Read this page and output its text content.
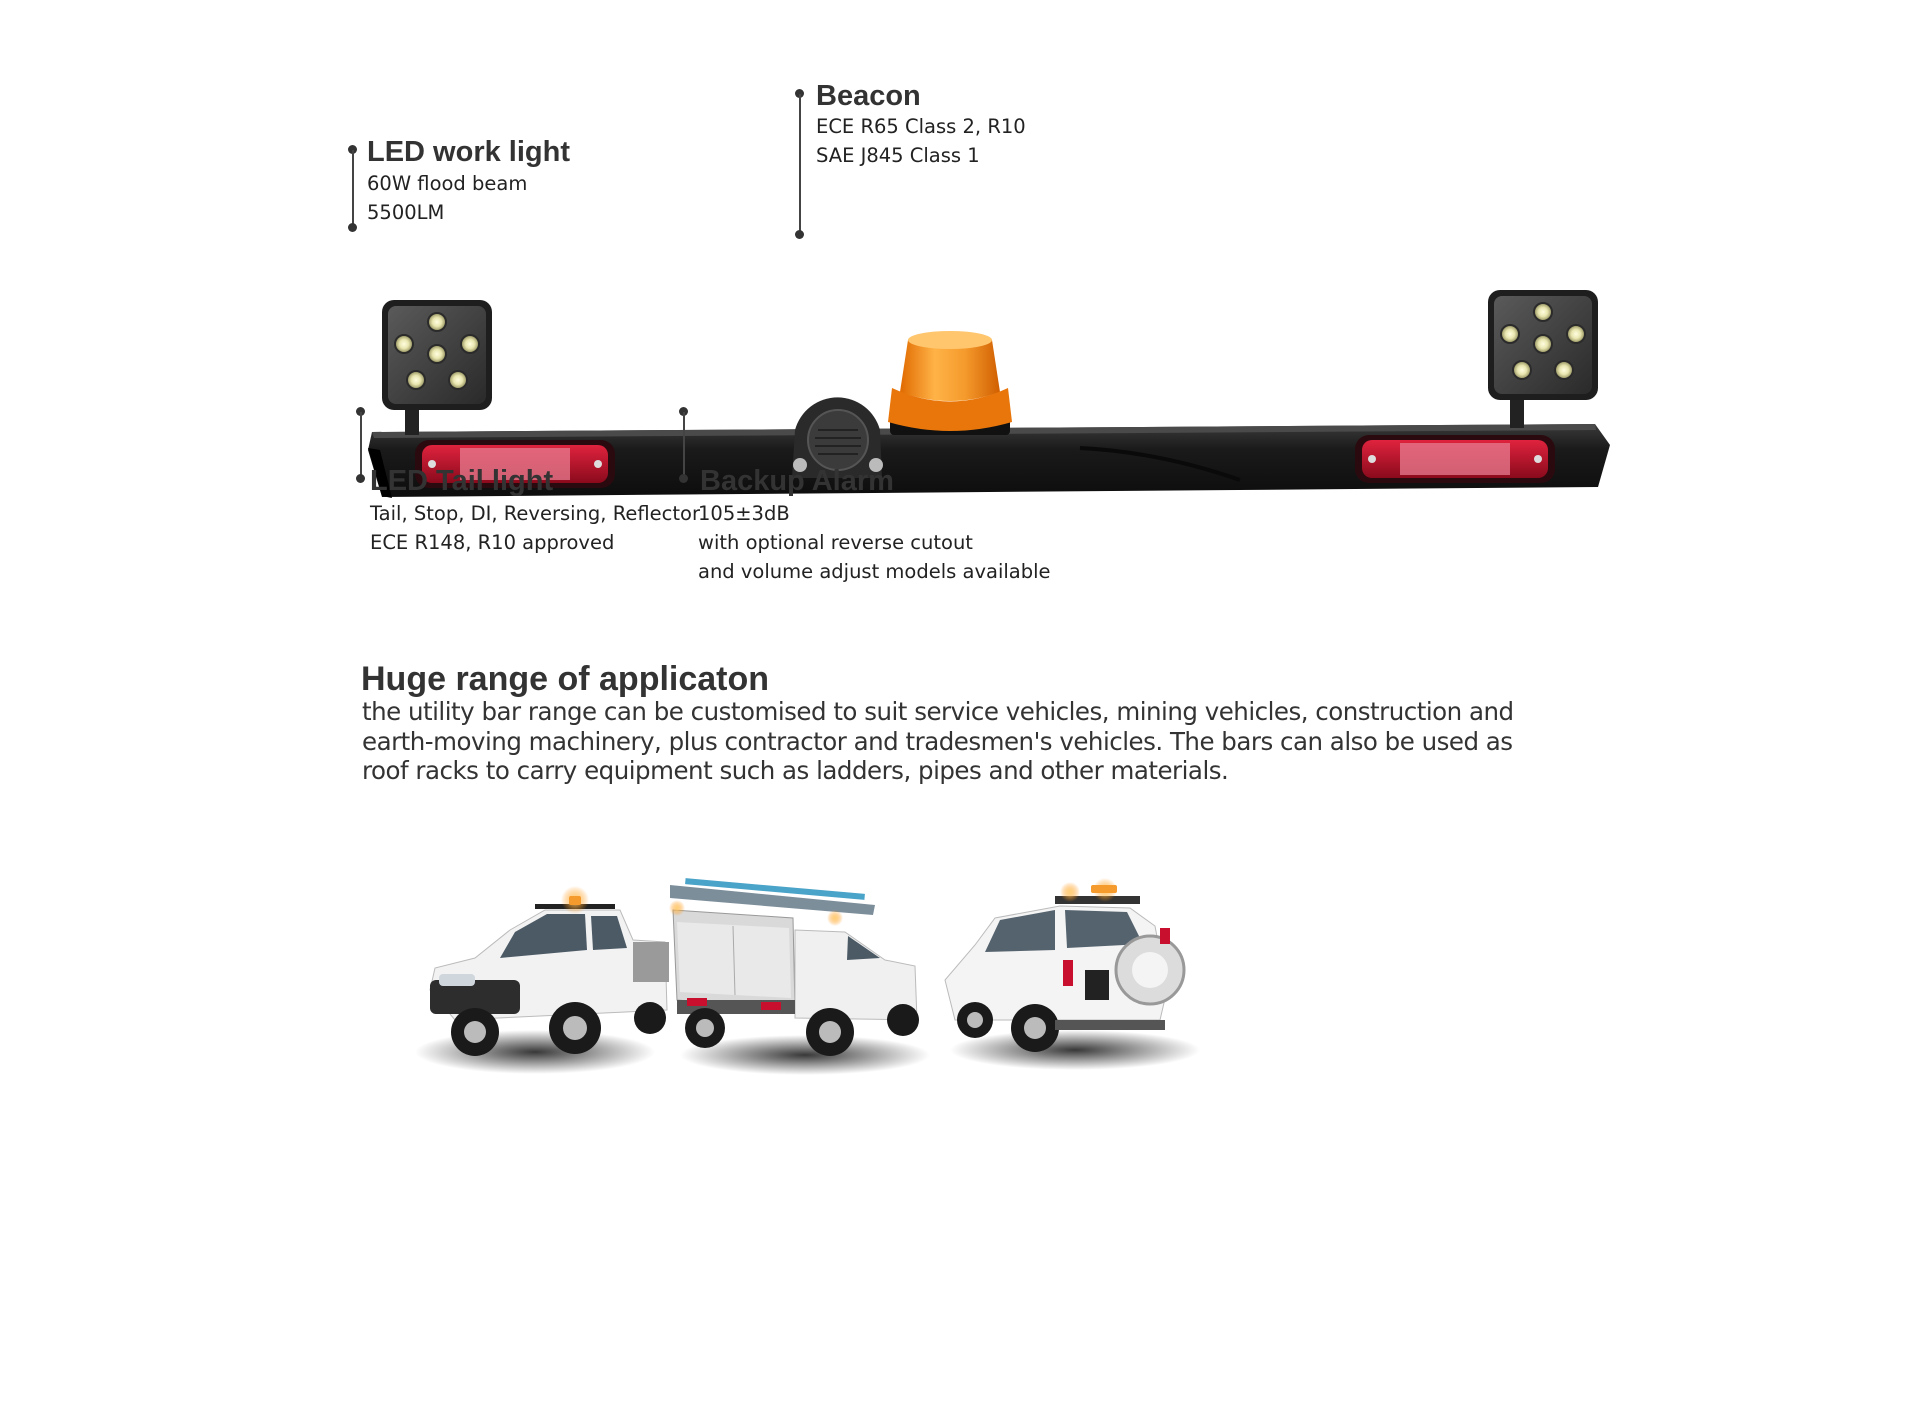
LED work light
60W flood beam
5500LM
Beacon
ECE R65 Class 2, R10
SAE J845 Class 1
LED Tail light
Tail, Stop, DI, Reversing, Reflector
ECE R148, R10 approved
Backup Alarm
105±3dB
with optional reverse cutout
and volume adjust models available
Huge range of applicaton
the utility bar range can be customised to suit service vehicles, mining vehicles, construction and earth-moving machinery, plus contractor and tradesmen's vehicles. The bars can also be used as roof racks to carry equipment such as ladders, pipes and other materials.
